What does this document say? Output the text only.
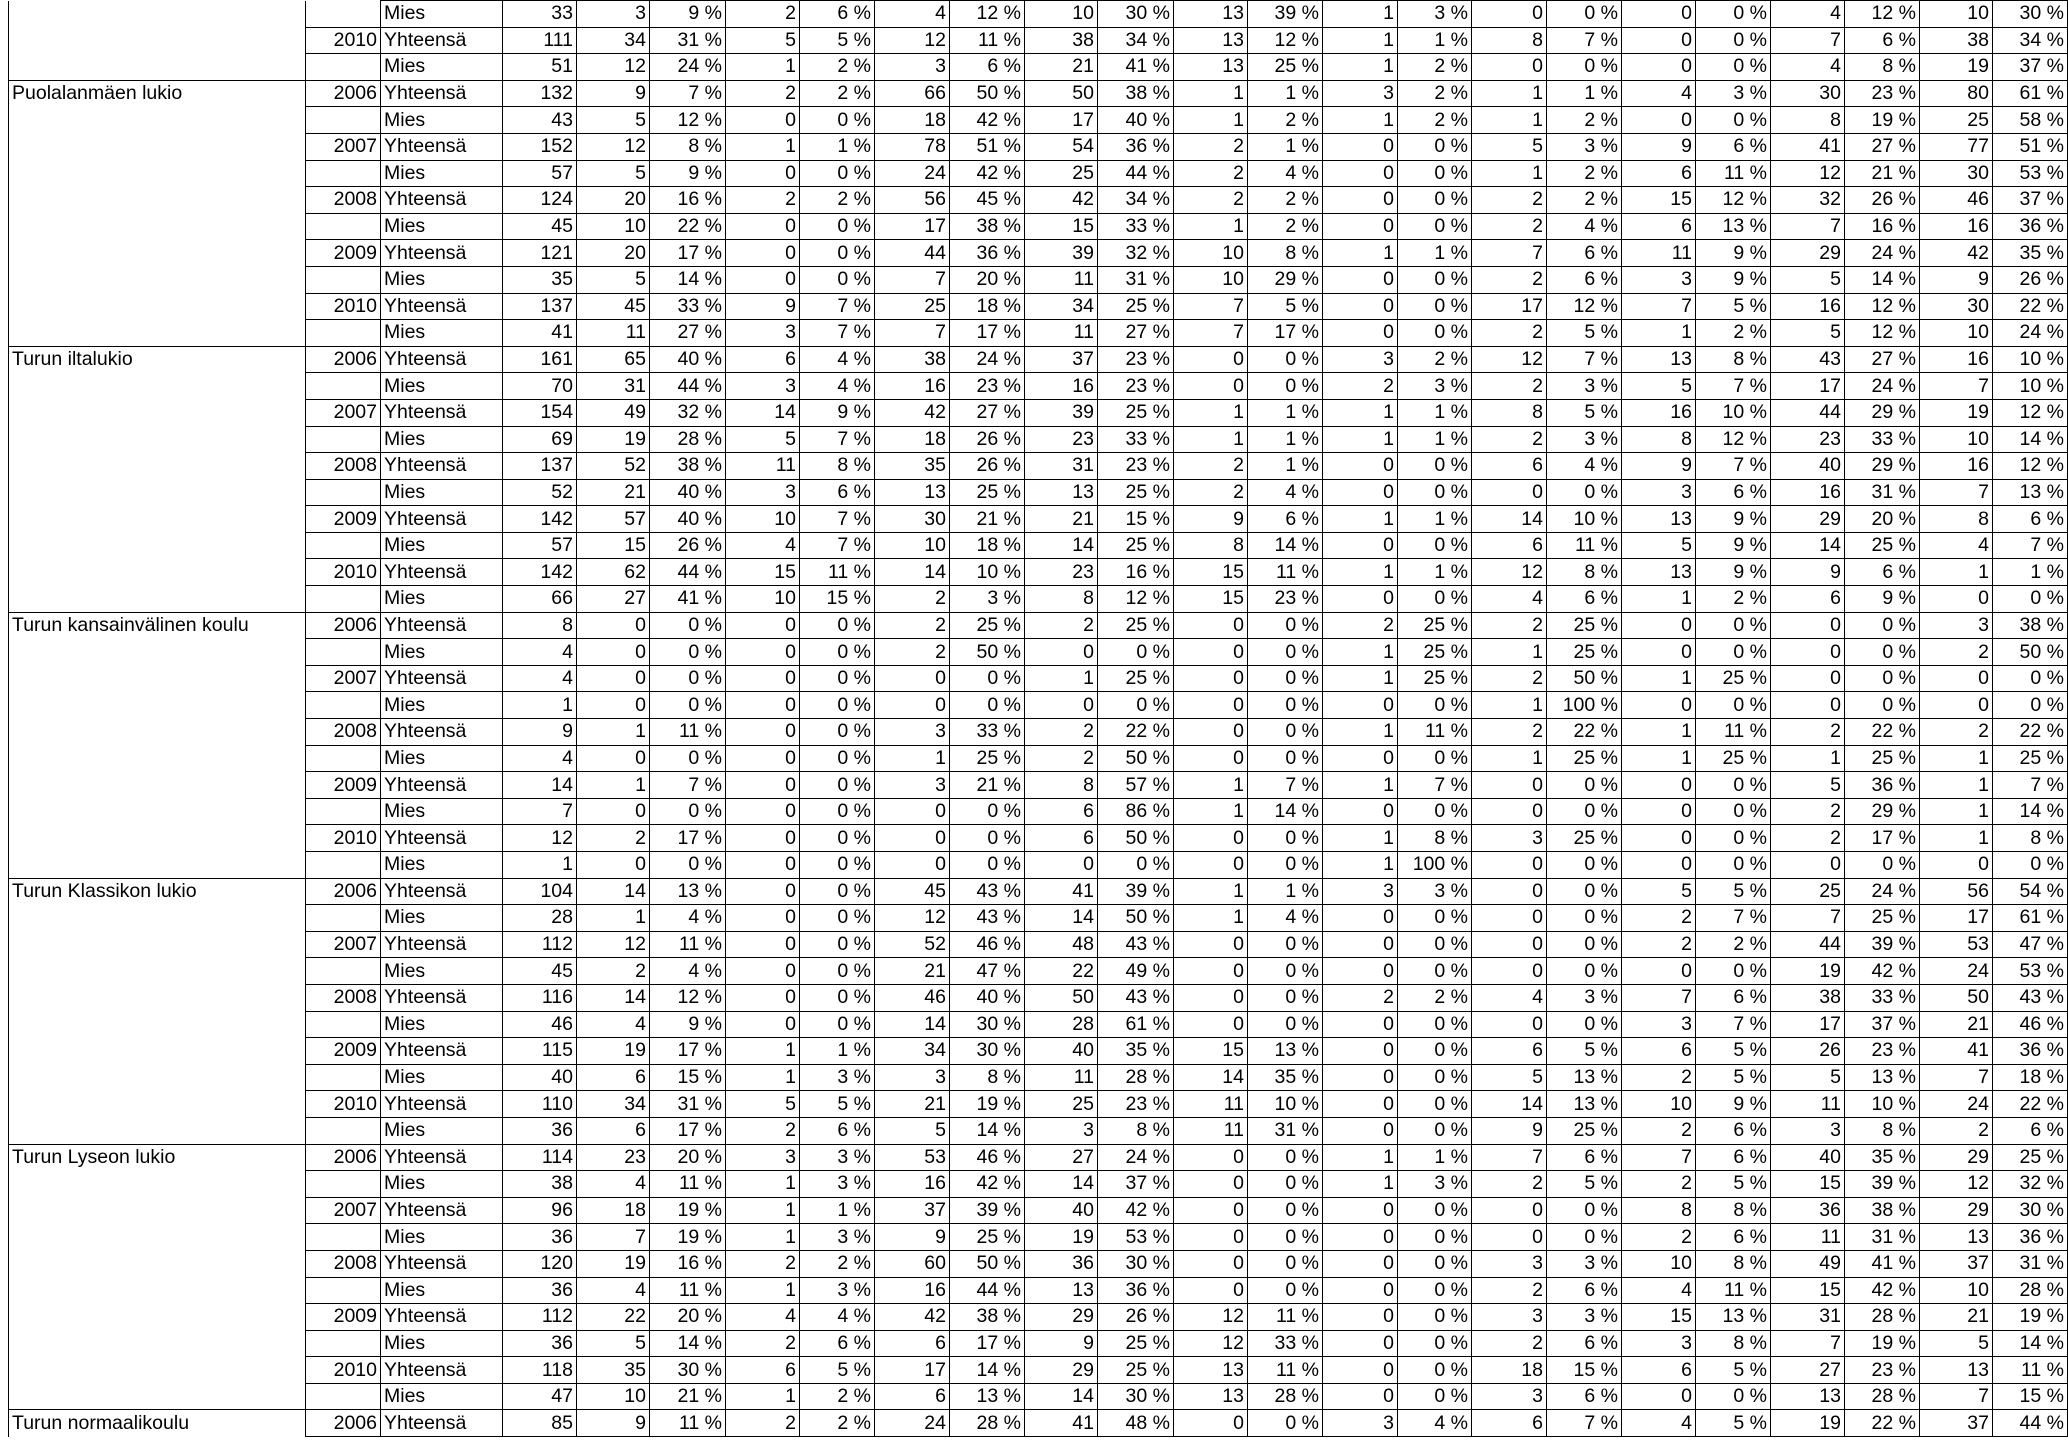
		Mies	33	3	9 %	2	6 %	4	12 %	10	30 %	13	39 %	1	3 %	0	0 %	0	0 %	4	12 %	10	30 %
	2010	Yhteensä	111	34	31 %	5	5 %	12	11 %	38	34 %	13	12 %	1	1 %	8	7 %	0	0 %	7	6 %	38	34 %
		Mies	51	12	24 %	1	2 %	3	6 %	21	41 %	13	25 %	1	2 %	0	0 %	0	0 %	4	8 %	19	37 %
Puolalanmäen lukio	2006	Yhteensä	132	9	7 %	2	2 %	66	50 %	50	38 %	1	1 %	3	2 %	1	1 %	4	3 %	30	23 %	80	61 %
		Mies	43	5	12 %	0	0 %	18	42 %	17	40 %	1	2 %	1	2 %	1	2 %	0	0 %	8	19 %	25	58 %
	2007	Yhteensä	152	12	8 %	1	1 %	78	51 %	54	36 %	2	1 %	0	0 %	5	3 %	9	6 %	41	27 %	77	51 %
		Mies	57	5	9 %	0	0 %	24	42 %	25	44 %	2	4 %	0	0 %	1	2 %	6	11 %	12	21 %	30	53 %
	2008	Yhteensä	124	20	16 %	2	2 %	56	45 %	42	34 %	2	2 %	0	0 %	2	2 %	15	12 %	32	26 %	46	37 %
		Mies	45	10	22 %	0	0 %	17	38 %	15	33 %	1	2 %	0	0 %	2	4 %	6	13 %	7	16 %	16	36 %
	2009	Yhteensä	121	20	17 %	0	0 %	44	36 %	39	32 %	10	8 %	1	1 %	7	6 %	11	9 %	29	24 %	42	35 %
		Mies	35	5	14 %	0	0 %	7	20 %	11	31 %	10	29 %	0	0 %	2	6 %	3	9 %	5	14 %	9	26 %
	2010	Yhteensä	137	45	33 %	9	7 %	25	18 %	34	25 %	7	5 %	0	0 %	17	12 %	7	5 %	16	12 %	30	22 %
		Mies	41	11	27 %	3	7 %	7	17 %	11	27 %	7	17 %	0	0 %	2	5 %	1	2 %	5	12 %	10	24 %
Turun iltalukio	2006	Yhteensä	161	65	40 %	6	4 %	38	24 %	37	23 %	0	0 %	3	2 %	12	7 %	13	8 %	43	27 %	16	10 %
		Mies	70	31	44 %	3	4 %	16	23 %	16	23 %	0	0 %	2	3 %	2	3 %	5	7 %	17	24 %	7	10 %
	2007	Yhteensä	154	49	32 %	14	9 %	42	27 %	39	25 %	1	1 %	1	1 %	8	5 %	16	10 %	44	29 %	19	12 %
		Mies	69	19	28 %	5	7 %	18	26 %	23	33 %	1	1 %	1	1 %	2	3 %	8	12 %	23	33 %	10	14 %
	2008	Yhteensä	137	52	38 %	11	8 %	35	26 %	31	23 %	2	1 %	0	0 %	6	4 %	9	7 %	40	29 %	16	12 %
		Mies	52	21	40 %	3	6 %	13	25 %	13	25 %	2	4 %	0	0 %	0	0 %	3	6 %	16	31 %	7	13 %
	2009	Yhteensä	142	57	40 %	10	7 %	30	21 %	21	15 %	9	6 %	1	1 %	14	10 %	13	9 %	29	20 %	8	6 %
		Mies	57	15	26 %	4	7 %	10	18 %	14	25 %	8	14 %	0	0 %	6	11 %	5	9 %	14	25 %	4	7 %
	2010	Yhteensä	142	62	44 %	15	11 %	14	10 %	23	16 %	15	11 %	1	1 %	12	8 %	13	9 %	9	6 %	1	1 %
		Mies	66	27	41 %	10	15 %	2	3 %	8	12 %	15	23 %	0	0 %	4	6 %	1	2 %	6	9 %	0	0 %
Turun kansainvälinen koulu	2006	Yhteensä	8	0	0 %	0	0 %	2	25 %	2	25 %	0	0 %	2	25 %	2	25 %	0	0 %	0	0 %	3	38 %
		Mies	4	0	0 %	0	0 %	2	50 %	0	0 %	0	0 %	1	25 %	1	25 %	0	0 %	0	0 %	2	50 %
	2007	Yhteensä	4	0	0 %	0	0 %	0	0 %	1	25 %	0	0 %	1	25 %	2	50 %	1	25 %	0	0 %	0	0 %
		Mies	1	0	0 %	0	0 %	0	0 %	0	0 %	0	0 %	0	0 %	1	100 %	0	0 %	0	0 %	0	0 %
	2008	Yhteensä	9	1	11 %	0	0 %	3	33 %	2	22 %	0	0 %	1	11 %	2	22 %	1	11 %	2	22 %	2	22 %
		Mies	4	0	0 %	0	0 %	1	25 %	2	50 %	0	0 %	0	0 %	1	25 %	1	25 %	1	25 %	1	25 %
	2009	Yhteensä	14	1	7 %	0	0 %	3	21 %	8	57 %	1	7 %	1	7 %	0	0 %	0	0 %	5	36 %	1	7 %
		Mies	7	0	0 %	0	0 %	0	0 %	6	86 %	1	14 %	0	0 %	0	0 %	0	0 %	2	29 %	1	14 %
	2010	Yhteensä	12	2	17 %	0	0 %	0	0 %	6	50 %	0	0 %	1	8 %	3	25 %	0	0 %	2	17 %	1	8 %
		Mies	1	0	0 %	0	0 %	0	0 %	0	0 %	0	0 %	1	100 %	0	0 %	0	0 %	0	0 %	0	0 %
Turun Klassikon lukio	2006	Yhteensä	104	14	13 %	0	0 %	45	43 %	41	39 %	1	1 %	3	3 %	0	0 %	5	5 %	25	24 %	56	54 %
		Mies	28	1	4 %	0	0 %	12	43 %	14	50 %	1	4 %	0	0 %	0	0 %	2	7 %	7	25 %	17	61 %
	2007	Yhteensä	112	12	11 %	0	0 %	52	46 %	48	43 %	0	0 %	0	0 %	0	0 %	2	2 %	44	39 %	53	47 %
		Mies	45	2	4 %	0	0 %	21	47 %	22	49 %	0	0 %	0	0 %	0	0 %	0	0 %	19	42 %	24	53 %
	2008	Yhteensä	116	14	12 %	0	0 %	46	40 %	50	43 %	0	0 %	2	2 %	4	3 %	7	6 %	38	33 %	50	43 %
		Mies	46	4	9 %	0	0 %	14	30 %	28	61 %	0	0 %	0	0 %	0	0 %	3	7 %	17	37 %	21	46 %
	2009	Yhteensä	115	19	17 %	1	1 %	34	30 %	40	35 %	15	13 %	0	0 %	6	5 %	6	5 %	26	23 %	41	36 %
		Mies	40	6	15 %	1	3 %	3	8 %	11	28 %	14	35 %	0	0 %	5	13 %	2	5 %	5	13 %	7	18 %
	2010	Yhteensä	110	34	31 %	5	5 %	21	19 %	25	23 %	11	10 %	0	0 %	14	13 %	10	9 %	11	10 %	24	22 %
		Mies	36	6	17 %	2	6 %	5	14 %	3	8 %	11	31 %	0	0 %	9	25 %	2	6 %	3	8 %	2	6 %
Turun Lyseon lukio	2006	Yhteensä	114	23	20 %	3	3 %	53	46 %	27	24 %	0	0 %	1	1 %	7	6 %	7	6 %	40	35 %	29	25 %
		Mies	38	4	11 %	1	3 %	16	42 %	14	37 %	0	0 %	1	3 %	2	5 %	2	5 %	15	39 %	12	32 %
	2007	Yhteensä	96	18	19 %	1	1 %	37	39 %	40	42 %	0	0 %	0	0 %	0	0 %	8	8 %	36	38 %	29	30 %
		Mies	36	7	19 %	1	3 %	9	25 %	19	53 %	0	0 %	0	0 %	0	0 %	2	6 %	11	31 %	13	36 %
	2008	Yhteensä	120	19	16 %	2	2 %	60	50 %	36	30 %	0	0 %	0	0 %	3	3 %	10	8 %	49	41 %	37	31 %
		Mies	36	4	11 %	1	3 %	16	44 %	13	36 %	0	0 %	0	0 %	2	6 %	4	11 %	15	42 %	10	28 %
	2009	Yhteensä	112	22	20 %	4	4 %	42	38 %	29	26 %	12	11 %	0	0 %	3	3 %	15	13 %	31	28 %	21	19 %
		Mies	36	5	14 %	2	6 %	6	17 %	9	25 %	12	33 %	0	0 %	2	6 %	3	8 %	7	19 %	5	14 %
	2010	Yhteensä	118	35	30 %	6	5 %	17	14 %	29	25 %	13	11 %	0	0 %	18	15 %	6	5 %	27	23 %	13	11 %
		Mies	47	10	21 %	1	2 %	6	13 %	14	30 %	13	28 %	0	0 %	3	6 %	0	0 %	13	28 %	7	15 %
Turun normaalikoulu	2006	Yhteensä	85	9	11 %	2	2 %	24	28 %	41	48 %	0	0 %	3	4 %	6	7 %	4	5 %	19	22 %	37	44 %
